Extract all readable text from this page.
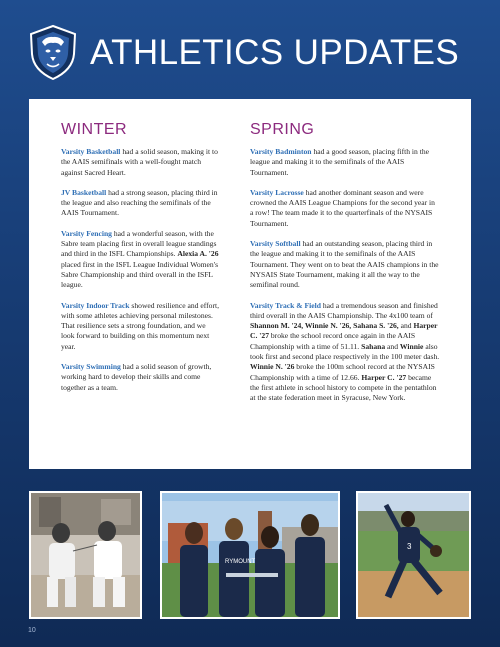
ATHLETICS UPDATES
WINTER

Varsity Basketball had a solid season, making it to the AAIS semifinals with a well-fought match against Sacred Heart.

JV Basketball had a strong season, placing third in the league and also reaching the semifinals of the AAIS Tournament.

Varsity Fencing had a wonderful season, with the Sabre team placing first in overall league standings and third in the ISFL Championships. Alexia A. '26 placed first in the ISFL League Individual Women's Sabre Championship and third overall in the ISFL league.

Varsity Indoor Track showed resilience and effort, with some athletes achieving personal milestones. That resilience sets a strong foundation, and we look forward to building on this momentum next year.

Varsity Swimming had a solid season of growth, working hard to develop their skills and come together as a team.

SPRING

Varsity Badminton had a good season, placing fifth in the league and making it to the semifinals of the AAIS Tournament.

Varsity Lacrosse had another dominant season and were crowned the AAIS League Champions for the second year in a row! The team made it to the quarterfinals of the NYSAIS Tournament.

Varsity Softball had an outstanding season, placing third in the league and making it to the semifinals of the AAIS Tournament. They went on to beat the AAIS champions in the NYSAIS State Tournament, making it all the way to the semifinal round.

Varsity Track & Field had a tremendous season and finished third overall in the AAIS Championship. The 4x100 team of Shannon M. '24, Winnie N. '26, Sahana S. '26, and Harper C. '27 broke the school record once again in the AAIS Championship with a time of 51.11. Sahana and Winnie also took first and second place respectively in the 100 meter dash. Winnie N. '26 broke the 100m school record at the NYSAIS Championship with a time of 12.66. Harper C. '27 became the first athlete in school history to compete in the pentathlon at the state federation meet in Syracuse, New York.

RYMOUNT
3
10
